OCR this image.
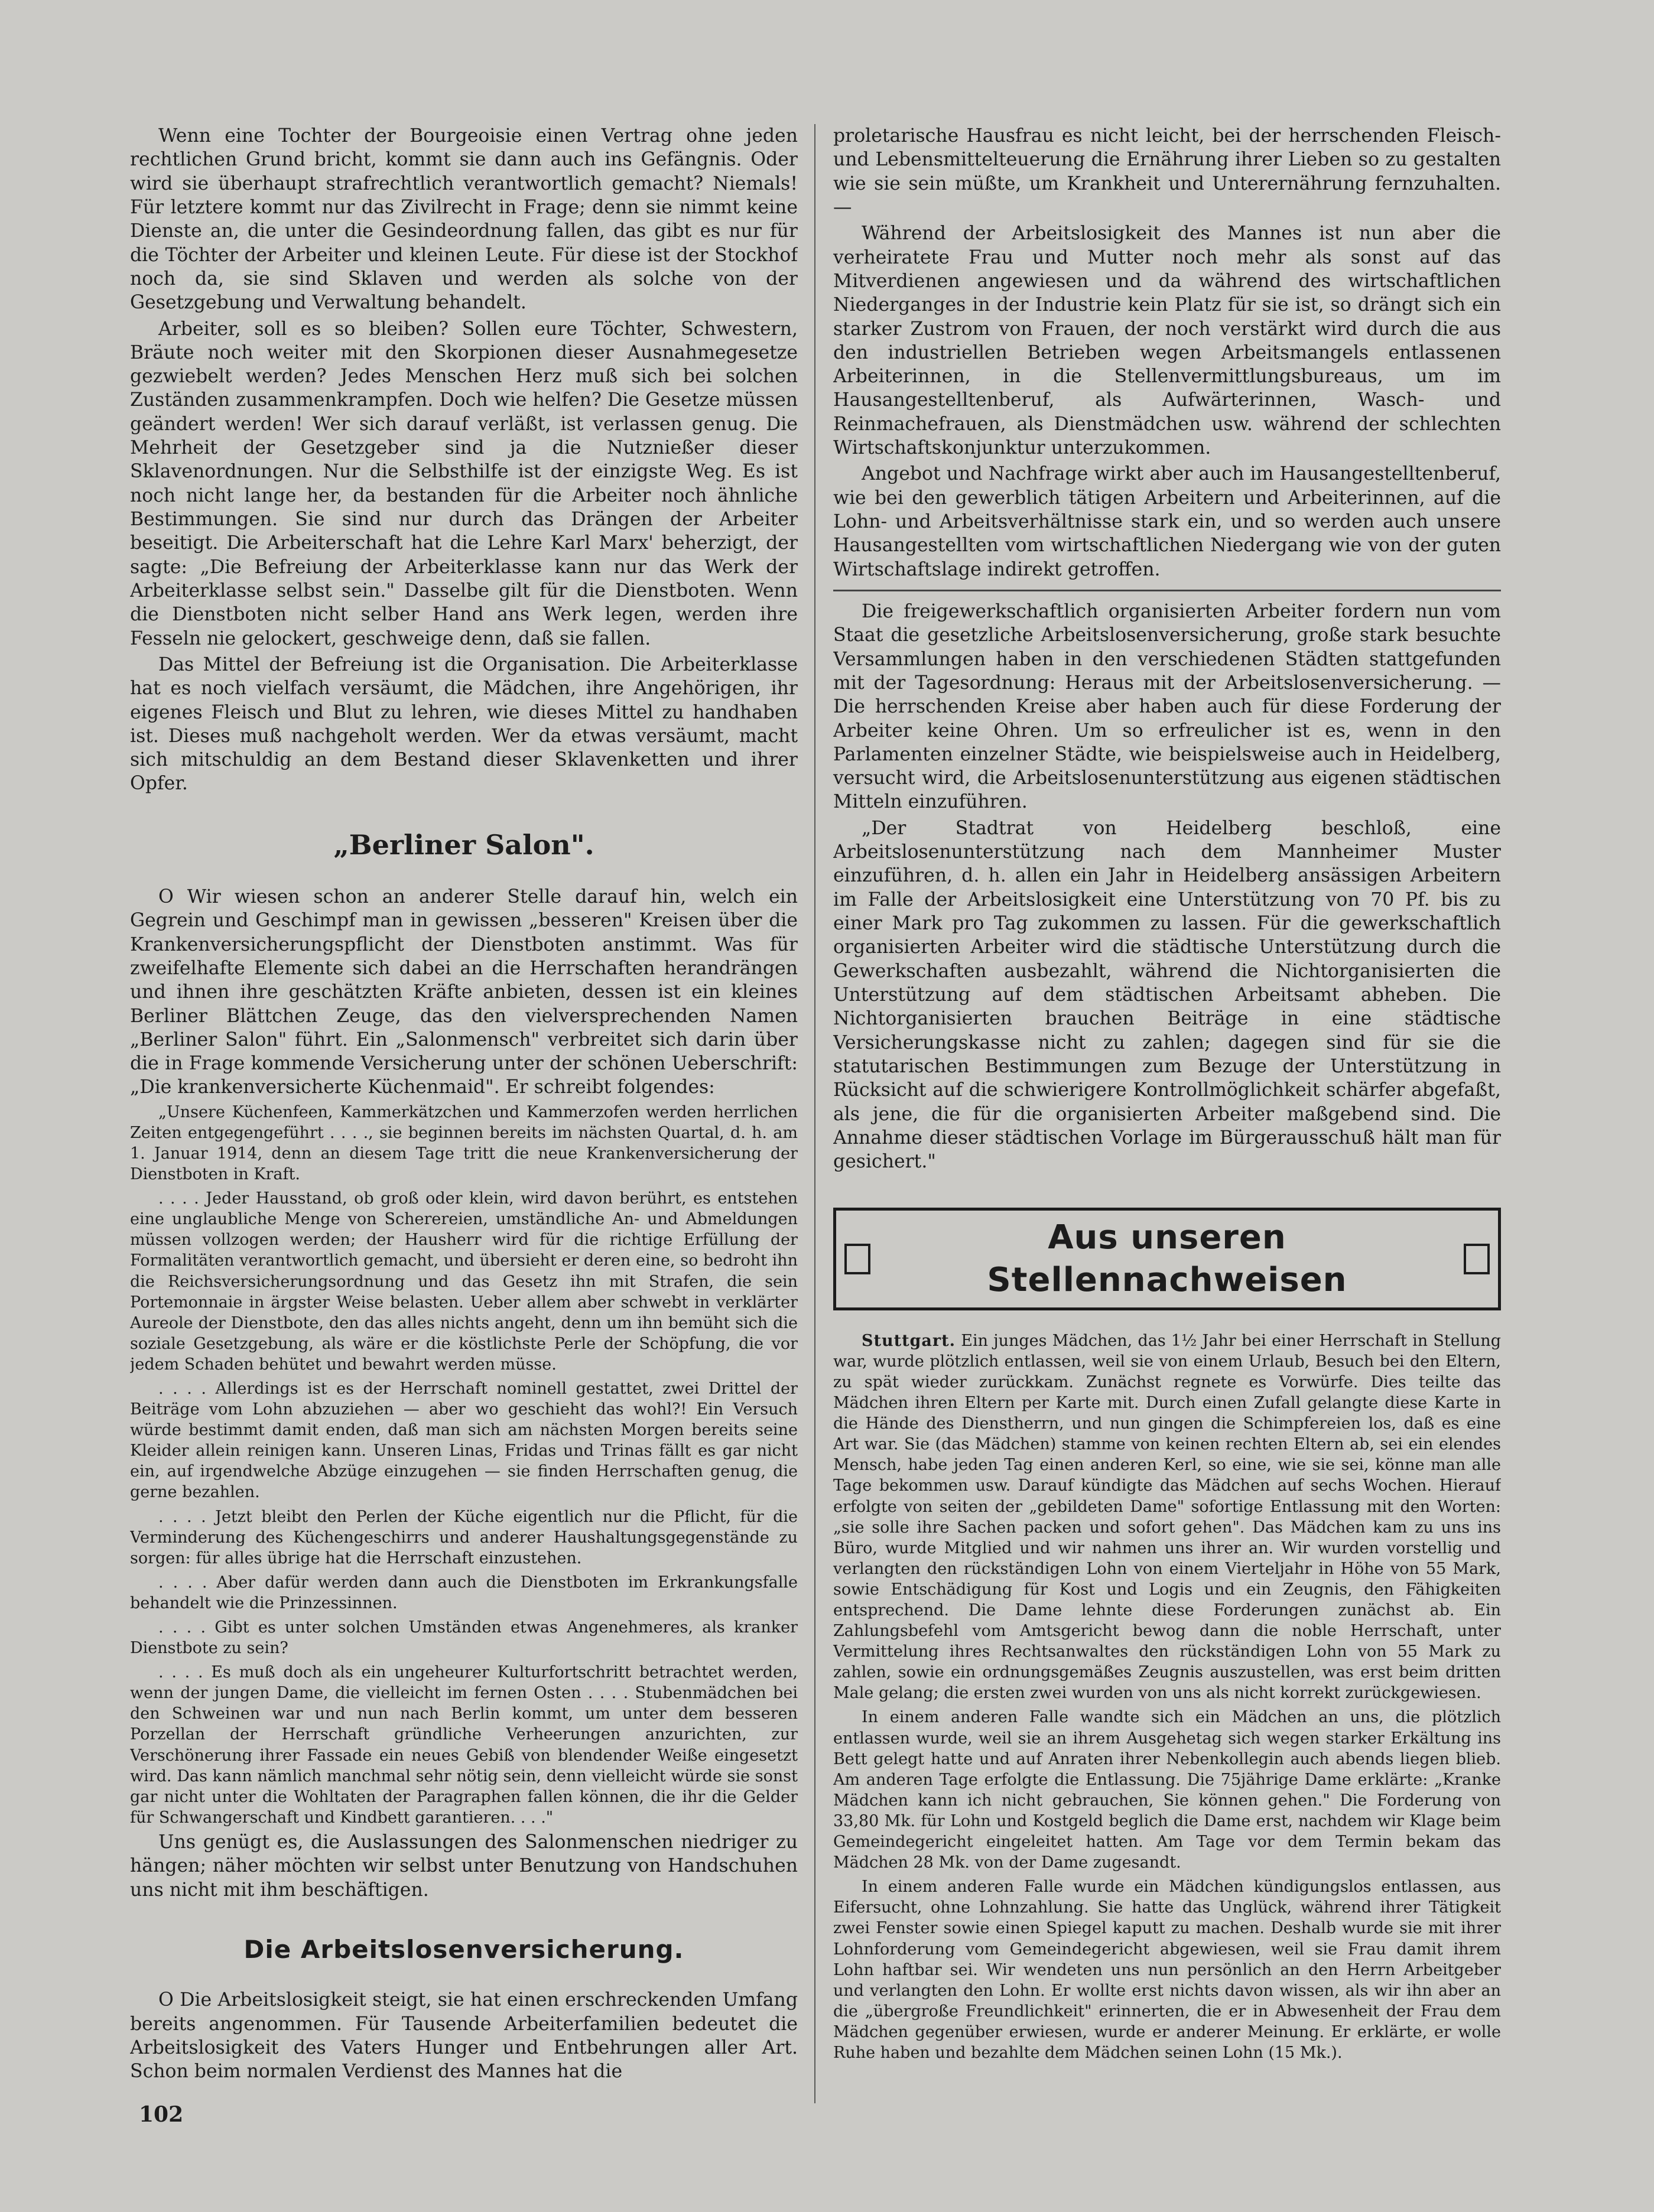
Wenn eine Tochter der Bourgeoisie einen Vertrag ohne jeden rechtlichen Grund bricht, kommt sie dann auch ins Gefängnis. Oder wird sie überhaupt strafrechtlich verantwortlich gemacht? Niemals! Für letztere kommt nur das Zivilrecht in Frage; denn sie nimmt keine Dienste an, die unter die Gesindeordnung fallen, das gibt es nur für die Töchter der Arbeiter und kleinen Leute. Für diese ist der Stockhof noch da, sie sind Sklaven und werden als solche von der Gesetzgebung und Verwaltung behandelt.

Arbeiter, soll es so bleiben? Sollen eure Töchter, Schwestern, Bräute noch weiter mit den Skorpionen dieser Ausnahmegesetze gezwiebelt werden? Jedes Menschen Herz muß sich bei solchen Zuständen zusammenkrampfen. Doch wie helfen? Die Gesetze müssen geändert werden! Wer sich darauf verläßt, ist verlassen genug. Die Mehrheit der Gesetzgeber sind ja die Nutznießer dieser Sklavenordnungen. Nur die Selbsthilfe ist der einzigste Weg. Es ist noch nicht lange her, da bestanden für die Arbeiter noch ähnliche Bestimmungen. Sie sind nur durch das Drängen der Arbeiter beseitigt. Die Arbeiterschaft hat die Lehre Karl Marx' beherzigt, der sagte: „Die Befreiung der Arbeiterklasse kann nur das Werk der Arbeiterklasse selbst sein." Dasselbe gilt für die Dienstboten. Wenn die Dienstboten nicht selber Hand ans Werk legen, werden ihre Fesseln nie gelockert, geschweige denn, daß sie fallen.

Das Mittel der Befreiung ist die Organisation. Die Arbeiterklasse hat es noch vielfach versäumt, die Mädchen, ihre Angehörigen, ihr eigenes Fleisch und Blut zu lehren, wie dieses Mittel zu handhaben ist. Dieses muß nachgeholt werden. Wer da etwas versäumt, macht sich mitschuldig an dem Bestand dieser Sklavenketten und ihrer Opfer.

„Berliner Salon".

O Wir wiesen schon an anderer Stelle darauf hin, welch ein Gegrein und Geschimpf man in gewissen „besseren" Kreisen über die Krankenversicherungspflicht der Dienstboten anstimmt. Was für zweifelhafte Elemente sich dabei an die Herrschaften herandrängen und ihnen ihre geschätzten Kräfte anbieten, dessen ist ein kleines Berliner Blättchen Zeuge, das den vielversprechenden Namen „Berliner Salon" führt. Ein „Salonmensch" verbreitet sich darin über die in Frage kommende Versicherung unter der schönen Ueberschrift: „Die krankenversicherte Küchenmaid". Er schreibt folgendes:

„Unsere Küchenfeen, Kammerkätzchen und Kammerzofen werden herrlichen Zeiten entgegengeführt . . . ., sie beginnen bereits im nächsten Quartal, d. h. am 1. Januar 1914, denn an diesem Tage tritt die neue Krankenversicherung der Dienstboten in Kraft.

. . . . Jeder Hausstand, ob groß oder klein, wird davon berührt, es entstehen eine unglaubliche Menge von Scherereien, umständliche An- und Abmeldungen müssen vollzogen werden; der Hausherr wird für die richtige Erfüllung der Formalitäten verantwortlich gemacht, und übersieht er deren eine, so bedroht ihn die Reichsversicherungsordnung und das Gesetz ihn mit Strafen, die sein Portemonnaie in ärgster Weise belasten. Ueber allem aber schwebt in verklärter Aureole der Dienstbote, den das alles nichts angeht, denn um ihn bemüht sich die soziale Gesetzgebung, als wäre er die köstlichste Perle der Schöpfung, die vor jedem Schaden behütet und bewahrt werden müsse.

. . . . Allerdings ist es der Herrschaft nominell gestattet, zwei Drittel der Beiträge vom Lohn abzuziehen — aber wo geschieht das wohl?! Ein Versuch würde bestimmt damit enden, daß man sich am nächsten Morgen bereits seine Kleider allein reinigen kann. Unseren Linas, Fridas und Trinas fällt es gar nicht ein, auf irgendwelche Abzüge einzugehen — sie finden Herrschaften genug, die gerne bezahlen.

. . . . Jetzt bleibt den Perlen der Küche eigentlich nur die Pflicht, für die Verminderung des Küchengeschirrs und anderer Haushaltungsgegenstände zu sorgen: für alles übrige hat die Herrschaft einzustehen.

. . . . Aber dafür werden dann auch die Dienstboten im Erkrankungsfalle behandelt wie die Prinzessinnen.

. . . . Gibt es unter solchen Umständen etwas Angenehmeres, als kranker Dienstbote zu sein?

. . . . Es muß doch als ein ungeheurer Kulturfortschritt betrachtet werden, wenn der jungen Dame, die vielleicht im fernen Osten . . . . Stubenmädchen bei den Schweinen war und nun nach Berlin kommt, um unter dem besseren Porzellan der Herrschaft gründliche Verheerungen anzurichten, zur Verschönerung ihrer Fassade ein neues Gebiß von blendender Weiße eingesetzt wird. Das kann nämlich manchmal sehr nötig sein, denn vielleicht würde sie sonst gar nicht unter die Wohltaten der Paragraphen fallen können, die ihr die Gelder für Schwangerschaft und Kindbett garantieren. . . ."

Uns genügt es, die Auslassungen des Salonmenschen niedriger zu hängen; näher möchten wir selbst unter Benutzung von Handschuhen uns nicht mit ihm beschäftigen.

Die Arbeitslosenversicherung.

O Die Arbeitslosigkeit steigt, sie hat einen erschreckenden Umfang bereits angenommen. Für Tausende Arbeiterfamilien bedeutet die Arbeitslosigkeit des Vaters Hunger und Entbehrungen aller Art. Schon beim normalen Verdienst des Mannes hat die

proletarische Hausfrau es nicht leicht, bei der herrschenden Fleisch- und Lebensmittelteuerung die Ernährung ihrer Lieben so zu gestalten wie sie sein müßte, um Krankheit und Unterernährung fernzuhalten. —

Während der Arbeitslosigkeit des Mannes ist nun aber die verheiratete Frau und Mutter noch mehr als sonst auf das Mitverdienen angewiesen und da während des wirtschaftlichen Niederganges in der Industrie kein Platz für sie ist, so drängt sich ein starker Zustrom von Frauen, der noch verstärkt wird durch die aus den industriellen Betrieben wegen Arbeitsmangels entlassenen Arbeiterinnen, in die Stellenvermittlungsbureaus, um im Hausangestelltenberuf, als Aufwärterinnen, Wasch- und Reinmachefrauen, als Dienstmädchen usw. während der schlechten Wirtschaftskonjunktur unterzukommen.

Angebot und Nachfrage wirkt aber auch im Hausangestelltenberuf, wie bei den gewerblich tätigen Arbeitern und Arbeiterinnen, auf die Lohn- und Arbeitsverhältnisse stark ein, und so werden auch unsere Hausangestellten vom wirtschaftlichen Niedergang wie von der guten Wirtschaftslage indirekt getroffen.

Die freigewerkschaftlich organisierten Arbeiter fordern nun vom Staat die gesetzliche Arbeitslosenversicherung, große stark besuchte Versammlungen haben in den verschiedenen Städten stattgefunden mit der Tagesordnung: Heraus mit der Arbeitslosenversicherung. — Die herrschenden Kreise aber haben auch für diese Forderung der Arbeiter keine Ohren. Um so erfreulicher ist es, wenn in den Parlamenten einzelner Städte, wie beispielsweise auch in Heidelberg, versucht wird, die Arbeitslosenunterstützung aus eigenen städtischen Mitteln einzuführen.

„Der Stadtrat von Heidelberg beschloß, eine Arbeitslosenunterstützung nach dem Mannheimer Muster einzuführen, d. h. allen ein Jahr in Heidelberg ansässigen Arbeitern im Falle der Arbeitslosigkeit eine Unterstützung von 70 Pf. bis zu einer Mark pro Tag zukommen zu lassen. Für die gewerkschaftlich organisierten Arbeiter wird die städtische Unterstützung durch die Gewerkschaften ausbezahlt, während die Nichtorganisierten die Unterstützung auf dem städtischen Arbeitsamt abheben. Die Nichtorganisierten brauchen Beiträge in eine städtische Versicherungskasse nicht zu zahlen; dagegen sind für sie die statutarischen Bestimmungen zum Bezuge der Unterstützung in Rücksicht auf die schwierigere Kontrollmöglichkeit schärfer abgefaßt, als jene, die für die organisierten Arbeiter maßgebend sind. Die Annahme dieser städtischen Vorlage im Bürgerausschuß hält man für gesichert."

Aus unseren Stellennachweisen

Stuttgart. Ein junges Mädchen, das 1½ Jahr bei einer Herrschaft in Stellung war, wurde plötzlich entlassen, weil sie von einem Urlaub, Besuch bei den Eltern, zu spät wieder zurückkam. Zunächst regnete es Vorwürfe. Dies teilte das Mädchen ihren Eltern per Karte mit. Durch einen Zufall gelangte diese Karte in die Hände des Dienstherrn, und nun gingen die Schimpfereien los, daß es eine Art war. Sie (das Mädchen) stamme von keinen rechten Eltern ab, sei ein elendes Mensch, habe jeden Tag einen anderen Kerl, so eine, wie sie sei, könne man alle Tage bekommen usw. Darauf kündigte das Mädchen auf sechs Wochen. Hierauf erfolgte von seiten der „gebildeten Dame" sofortige Entlassung mit den Worten: „sie solle ihre Sachen packen und sofort gehen". Das Mädchen kam zu uns ins Büro, wurde Mitglied und wir nahmen uns ihrer an. Wir wurden vorstellig und verlangten den rückständigen Lohn von einem Vierteljahr in Höhe von 55 Mark, sowie Entschädigung für Kost und Logis und ein Zeugnis, den Fähigkeiten entsprechend. Die Dame lehnte diese Forderungen zunächst ab. Ein Zahlungsbefehl vom Amtsgericht bewog dann die noble Herrschaft, unter Vermittelung ihres Rechtsanwaltes den rückständigen Lohn von 55 Mark zu zahlen, sowie ein ordnungsgemäßes Zeugnis auszustellen, was erst beim dritten Male gelang; die ersten zwei wurden von uns als nicht korrekt zurückgewiesen.

In einem anderen Falle wandte sich ein Mädchen an uns, die plötzlich entlassen wurde, weil sie an ihrem Ausgehetag sich wegen starker Erkältung ins Bett gelegt hatte und auf Anraten ihrer Nebenkollegin auch abends liegen blieb. Am anderen Tage erfolgte die Entlassung. Die 75jährige Dame erklärte: „Kranke Mädchen kann ich nicht gebrauchen, Sie können gehen." Die Forderung von 33,80 Mk. für Lohn und Kostgeld beglich die Dame erst, nachdem wir Klage beim Gemeindegericht eingeleitet hatten. Am Tage vor dem Termin bekam das Mädchen 28 Mk. von der Dame zugesandt.

In einem anderen Falle wurde ein Mädchen kündigungslos entlassen, aus Eifersucht, ohne Lohnzahlung. Sie hatte das Unglück, während ihrer Tätigkeit zwei Fenster sowie einen Spiegel kaputt zu machen. Deshalb wurde sie mit ihrer Lohnforderung vom Gemeindegericht abgewiesen, weil sie Frau damit ihrem Lohn haftbar sei. Wir wendeten uns nun persönlich an den Herrn Arbeitgeber und verlangten den Lohn. Er wollte erst nichts davon wissen, als wir ihn aber an die „übergroße Freundlichkeit" erinnerten, die er in Abwesenheit der Frau dem Mädchen gegenüber erwiesen, wurde er anderer Meinung. Er erklärte, er wolle Ruhe haben und bezahlte dem Mädchen seinen Lohn (15 Mk.).

102
